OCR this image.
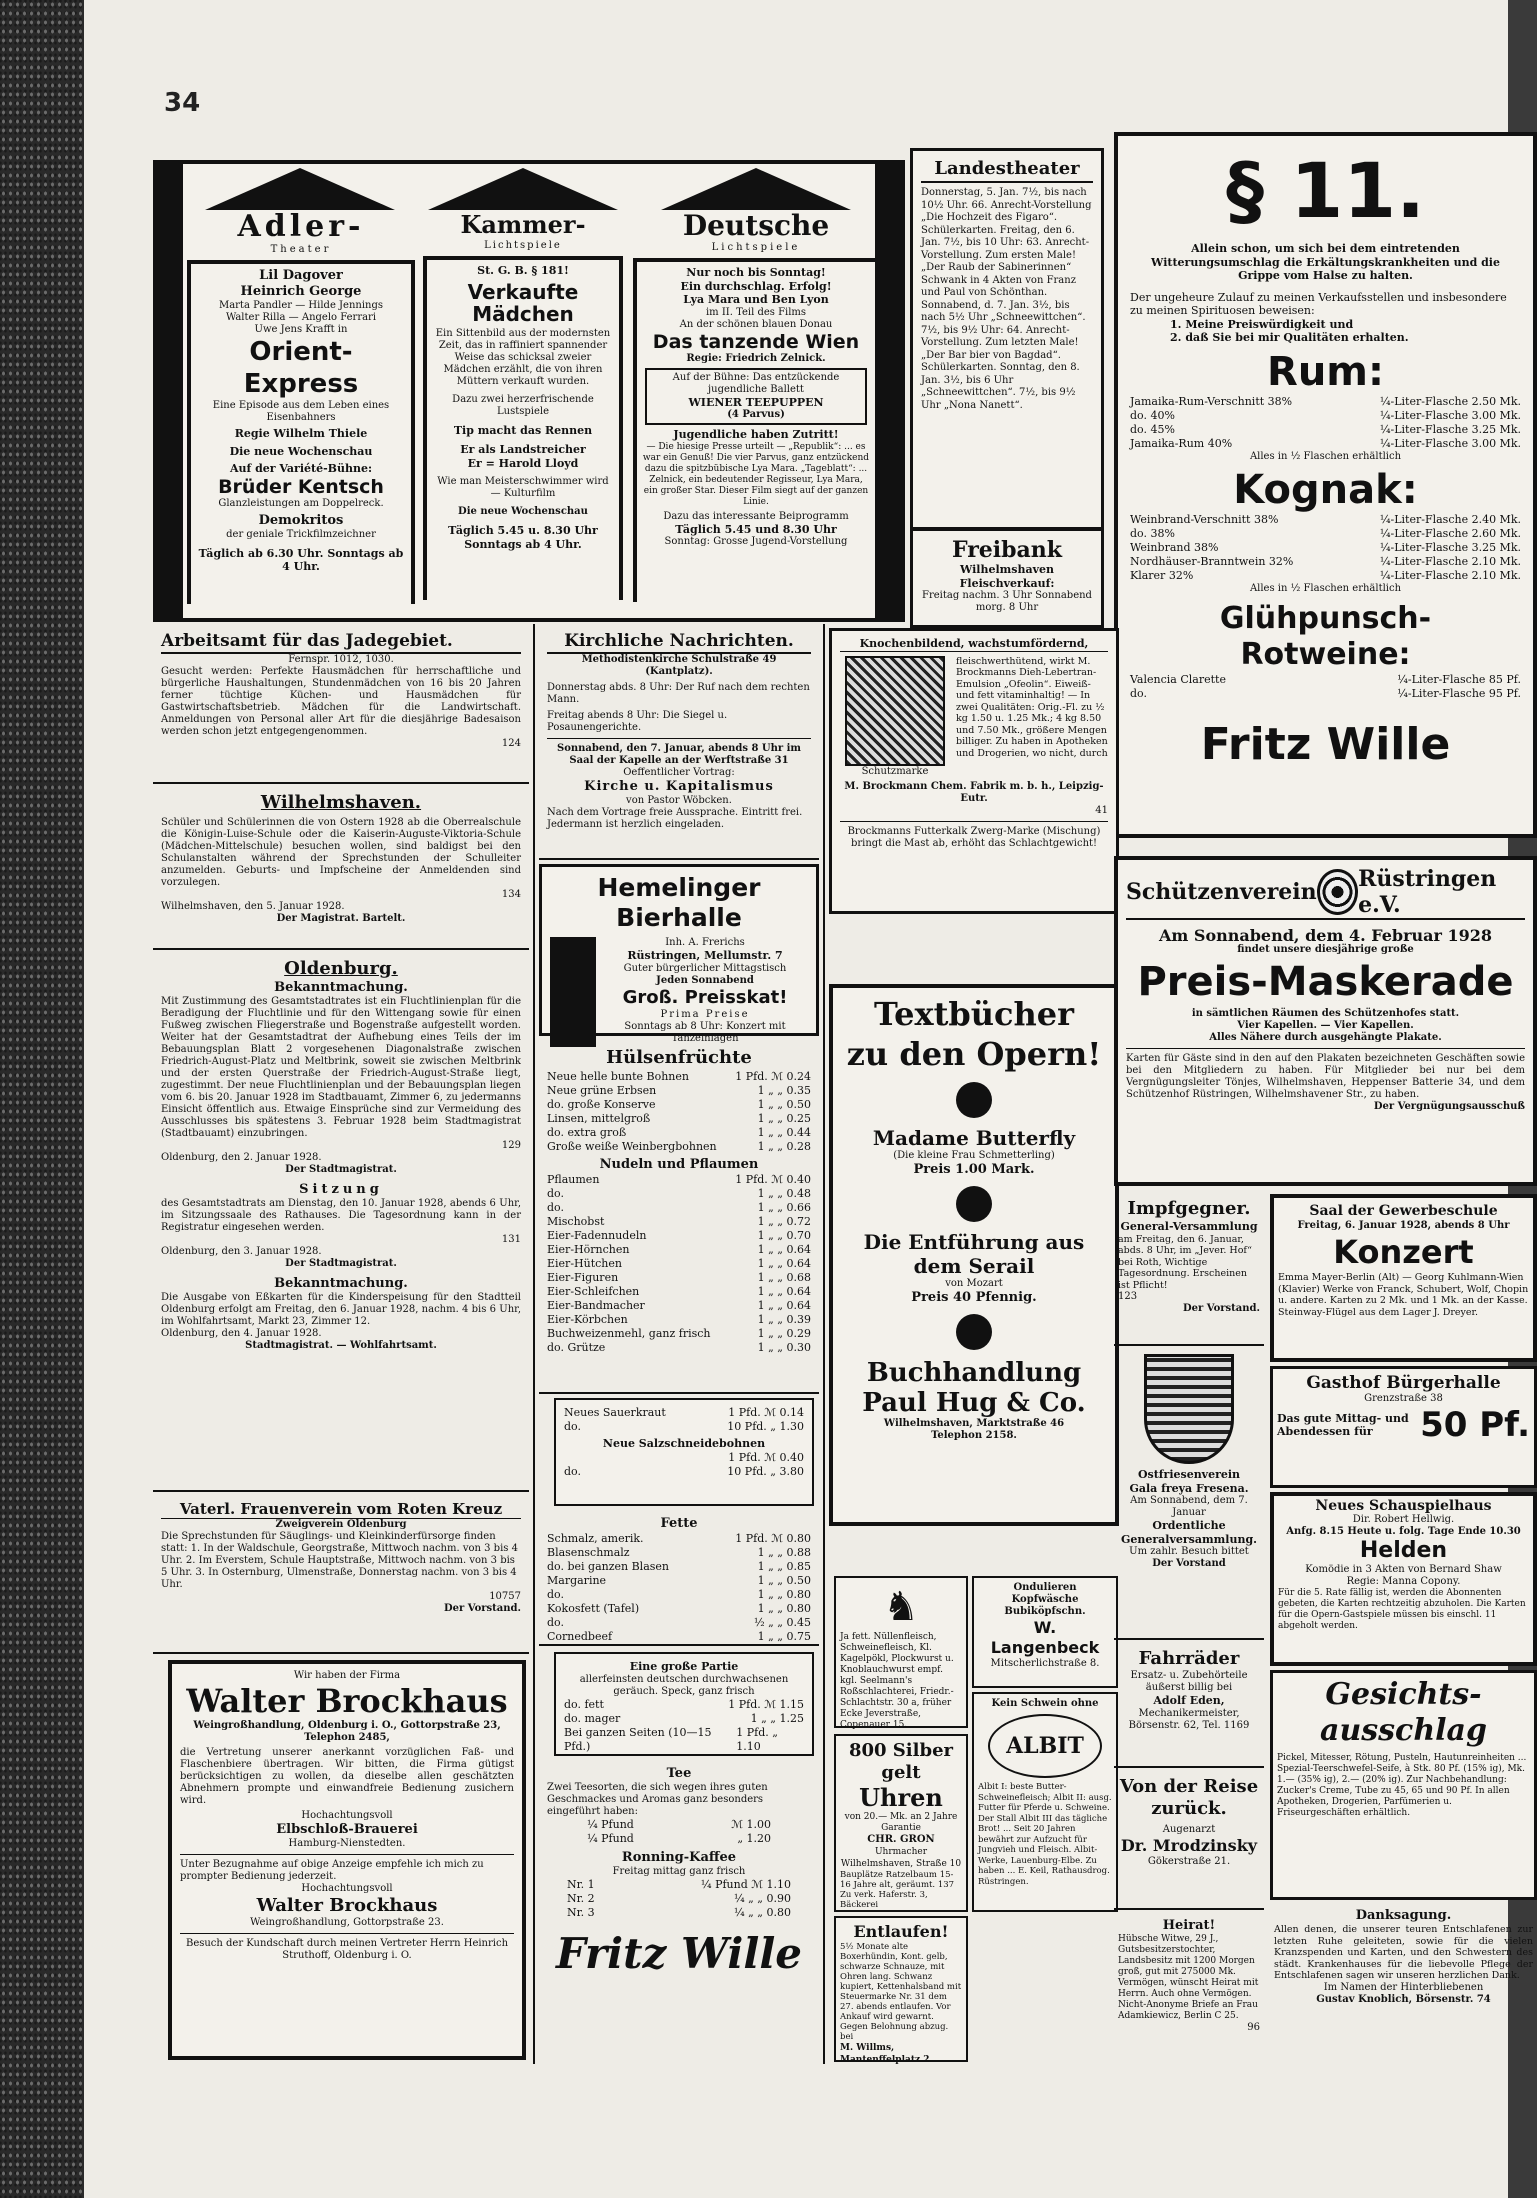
34
Adler-
Theater
Lil Dagover
Heinrich George
Marta Pandler — Hilde Jennings
Walter Rilla — Angelo Ferrari
Uwe Jens Krafft in
Orient-Express
Eine Episode aus dem Leben eines Eisenbahners
Regie Wilhelm Thiele
Die neue Wochenschau
Auf der Variété-Bühne:
Brüder Kentsch
Glanzleistungen am Doppelreck.
Demokritos
der geniale Trickfilmzeichner
Täglich ab 6.30 Uhr. Sonntags ab 4 Uhr.
Kammer-
Lichtspiele
St. G. B. § 181!
Verkaufte Mädchen
Ein Sittenbild aus der modernsten Zeit, das in raffiniert spannender Weise das schicksal zweier Mädchen erzählt, die von ihren Müttern verkauft wurden.
Dazu zwei herzerfrischende Lustspiele
Tip macht das Rennen
Er als Landstreicher
Er = Harold Lloyd
Wie man Meisterschwimmer wird — Kulturfilm
Die neue Wochenschau
Täglich 5.45 u. 8.30 Uhr Sonntags ab 4 Uhr.
Deutsche
Lichtspiele
Nur noch bis Sonntag!
Ein durchschlag. Erfolg!
Lya Mara und Ben Lyon
im II. Teil des Films
An der schönen blauen Donau
Das tanzende Wien
Regie: Friedrich Zelnick.
Auf der Bühne: Das entzückende jugendliche Ballett
WIENER TEEPUPPEN
(4 Parvus)
Jugendliche haben Zutritt!
— Die hiesige Presse urteilt — „Republik“: ... es war ein Genuß! Die vier Parvus, ganz entzückend dazu die spitzbübische Lya Mara. „Tageblatt“: ... Zelnick, ein bedeutender Regisseur, Lya Mara, ein großer Star. Dieser Film siegt auf der ganzen Linie.
Dazu das interessante Beiprogramm
Täglich 5.45 und 8.30 Uhr
Sonntag: Grosse Jugend-Vorstellung
Landestheater
Donnerstag, 5. Jan. 7½, bis nach 10½ Uhr. 66. Anrecht-Vorstellung „Die Hochzeit des Figaro“. Schülerkarten. Freitag, den 6. Jan. 7½, bis 10 Uhr: 63. Anrecht-Vorstellung. Zum ersten Male! „Der Raub der Sabinerinnen“ Schwank in 4 Akten von Franz und Paul von Schönthan. Sonnabend, d. 7. Jan. 3½, bis nach 5½ Uhr „Schneewittchen“. 7½, bis 9½ Uhr: 64. Anrecht-Vorstellung. Zum letzten Male! „Der Bar bier von Bagdad“. Schülerkarten. Sonntag, den 8. Jan. 3½, bis 6 Uhr „Schneewittchen“. 7½, bis 9½ Uhr „Nona Nanett“.
Freibank
Wilhelmshaven
Fleischverkauf:
Freitag nachm. 3 Uhr Sonnabend morg. 8 Uhr
§ 11.
Allein schon, um sich bei dem eintretenden Witterungsumschlag die Erkältungskrankheiten und die Grippe vom Halse zu halten.
Der ungeheure Zulauf zu meinen Verkaufsstellen und insbesondere zu meinen Spirituosen beweisen:
1. Meine Preiswürdigkeit und
2. daß Sie bei mir Qualitäten erhalten.
Rum:
Jamaika-Rum-Verschnitt 38%	¼-Liter-Flasche 2.50 Mk.
do. 40%	¼-Liter-Flasche 3.00 Mk.
do. 45%	¼-Liter-Flasche 3.25 Mk.
Jamaika-Rum 40%	¼-Liter-Flasche 3.00 Mk.
Alles in ½ Flaschen erhältlich
Kognak:
Weinbrand-Verschnitt 38%	¼-Liter-Flasche 2.40 Mk.
do. 38%	¼-Liter-Flasche 2.60 Mk.
Weinbrand 38%	¼-Liter-Flasche 3.25 Mk.
Nordhäuser-Branntwein 32%	¼-Liter-Flasche 2.10 Mk.
Klarer 32%	¼-Liter-Flasche 2.10 Mk.
Alles in ½ Flaschen erhältlich
Glühpunsch-Rotweine:
Valencia Clarette	¼-Liter-Flasche 85 Pf.
do.	¼-Liter-Flasche 95 Pf.
Fritz Wille
Arbeitsamt für das Jadegebiet.
Fernspr. 1012, 1030.
Gesucht werden: Perfekte Hausmädchen für herrschaftliche und bürgerliche Haushaltungen, Stundenmädchen von 16 bis 20 Jahren ferner tüchtige Küchen- und Hausmädchen für Gastwirtschaftsbetrieb. Mädchen für die Landwirtschaft. Anmeldungen von Personal aller Art für die diesjährige Badesaison werden schon jetzt entgegengenommen.
124
Wilhelmshaven.
Schüler und Schülerinnen die von Ostern 1928 ab die Oberrealschule die Königin-Luise-Schule oder die Kaiserin-Auguste-Viktoria-Schule (Mädchen-Mittelschule) besuchen wollen, sind baldigst bei den Schulanstalten während der Sprechstunden der Schulleiter anzumelden. Geburts- und Impfscheine der Anmeldenden sind vorzulegen.
134
Wilhelmshaven, den 5. Januar 1928.
Der Magistrat. Bartelt.
Oldenburg.
Bekanntmachung.
Mit Zustimmung des Gesamtstadtrates ist ein Fluchtlinienplan für die Beradigung der Fluchtlinie und für den Wittengang sowie für einen Fußweg zwischen Fliegerstraße und Bogenstraße aufgestellt worden. Weiter hat der Gesamtstadtrat der Aufhebung eines Teils der im Bebauungsplan Blatt 2 vorgesehenen Diagonalstraße zwischen Friedrich-August-Platz und Meltbrink, soweit sie zwischen Meltbrink und der ersten Querstraße der Friedrich-August-Straße liegt, zugestimmt. Der neue Fluchtlinienplan und der Bebauungsplan liegen vom 6. bis 20. Januar 1928 im Stadtbauamt, Zimmer 6, zu jedermanns Einsicht öffentlich aus. Etwaige Einsprüche sind zur Vermeidung des Ausschlusses bis spätestens 3. Februar 1928 beim Stadtmagistrat (Stadtbauamt) einzubringen.
129
Oldenburg, den 2. Januar 1928.
Der Stadtmagistrat.
Sitzung
des Gesamtstadtrats am Dienstag, den 10. Januar 1928, abends 6 Uhr, im Sitzungssaale des Rathauses. Die Tagesordnung kann in der Registratur eingesehen werden.
131
Oldenburg, den 3. Januar 1928.
Der Stadtmagistrat.
Bekanntmachung.
Die Ausgabe von Eßkarten für die Kinderspeisung für den Stadtteil Oldenburg erfolgt am Freitag, den 6. Januar 1928, nachm. 4 bis 6 Uhr, im Wohlfahrtsamt, Markt 23, Zimmer 12.
Oldenburg, den 4. Januar 1928.
Stadtmagistrat. — Wohlfahrtsamt.
Vaterl. Frauenverein vom Roten Kreuz
Zweigverein Oldenburg
Die Sprechstunden für Säuglings- und Kleinkinderfürsorge finden statt: 1. In der Waldschule, Georgstraße, Mittwoch nachm. von 3 bis 4 Uhr. 2. Im Everstem, Schule Hauptstraße, Mittwoch nachm. von 3 bis 5 Uhr. 3. In Osternburg, Ulmenstraße, Donnerstag nachm. von 3 bis 4 Uhr.
10757
Der Vorstand.
Wir haben der Firma
Walter Brockhaus
Weingroßhandlung, Oldenburg i. O., Gottorpstraße 23, Telephon 2485,
die Vertretung unserer anerkannt vorzüglichen Faß- und Flaschenbiere übertragen. Wir bitten, die Firma gütigst berücksichtigen zu wollen, da dieselbe allen geschätzten Abnehmern prompte und einwandfreie Bedienung zusichern wird.
Hochachtungsvoll
Elbschloß-Brauerei
Hamburg-Nienstedten.
Unter Bezugnahme auf obige Anzeige empfehle ich mich zu prompter Bedienung jederzeit.
Hochachtungsvoll
Walter Brockhaus
Weingroßhandlung, Gottorpstraße 23.
Besuch der Kundschaft durch meinen Vertreter Herrn Heinrich Struthoff, Oldenburg i. O.
Kirchliche Nachrichten.
Methodistenkirche Schulstraße 49 (Kantplatz).
Donnerstag abds. 8 Uhr: Der Ruf nach dem rechten Mann.
Freitag abends 8 Uhr: Die Siegel u. Posaunengerichte.
Sonnabend, den 7. Januar, abends 8 Uhr im Saal der Kapelle an der Werftstraße 31
Oeffentlicher Vortrag:
Kirche u. Kapitalismus
von Pastor Wöbcken.
Nach dem Vortrage freie Aussprache. Eintritt frei. Jedermann ist herzlich eingeladen.
Hemelinger Bierhalle
Inh. A. Frerichs
Rüstringen, Mellumstr. 7
Guter bürgerlicher Mittagstisch
Jeden Sonnabend
Groß. Preisskat!
Prima Preise
Sonntags ab 8 Uhr: Konzert mit Tanzeinlagen
Hülsenfrüchte
Neue helle bunte Bohnen	1 Pfd. ℳ 0.24
Neue grüne Erbsen	1 „ „ 0.35
do. große Konserve	1 „ „ 0.50
Linsen, mittelgroß	1 „ „ 0.25
do. extra groß	1 „ „ 0.44
Große weiße Weinbergbohnen	1 „ „ 0.28
Nudeln und Pflaumen
Pflaumen	1 Pfd. ℳ 0.40
do.	1 „ „ 0.48
do.	1 „ „ 0.66
Mischobst	1 „ „ 0.72
Eier-Fadennudeln	1 „ „ 0.70
Eier-Hörnchen	1 „ „ 0.64
Eier-Hütchen	1 „ „ 0.64
Eier-Figuren	1 „ „ 0.68
Eier-Schleifchen	1 „ „ 0.64
Eier-Bandmacher	1 „ „ 0.64
Eier-Körbchen	1 „ „ 0.39
Buchweizenmehl, ganz frisch	1 „ „ 0.29
do. Grütze	1 „ „ 0.30
Neues Sauerkraut	1 Pfd. ℳ 0.14
do.	10 Pfd. „ 1.30
Neue Salzschneidebohnen
1 Pfd. ℳ 0.40
do.	10 Pfd. „ 3.80
Fette
Schmalz, amerik.	1 Pfd. ℳ 0.80
Blasenschmalz	1 „ „ 0.88
do. bei ganzen Blasen	1 „ „ 0.85
Margarine	1 „ „ 0.50
do.	1 „ „ 0.80
Kokosfett (Tafel)	1 „ „ 0.80
do.	½ „ „ 0.45
Cornedbeef	1 „ „ 0.75
Eine große Partie
allerfeinsten deutschen durchwachsenen geräuch. Speck, ganz frisch
do. fett	1 Pfd. ℳ 1.15
do. mager	1 „ „ 1.25
Bei ganzen Seiten (10—15 Pfd.)
1 Pfd. „ 1.10
Tee
Zwei Teesorten, die sich wegen ihres guten Geschmackes und Aromas ganz besonders eingeführt haben:
¼ Pfund	ℳ 1.00
¼ Pfund	„ 1.20
Ronning-Kaffee
Freitag mittag ganz frisch
Nr. 1	¼ Pfund ℳ 1.10
Nr. 2	¼ „ „ 0.90
Nr. 3	¼ „ „ 0.80
Fritz Wille
Knochenbildend, wachstumfördernd,
Schutzmarke
fleischwerthütend, wirkt M. Brockmanns Dieh-Lebertran-Emulsion „Ofeolin“. Eiweiß- und fett vitaminhaltig! — In zwei Qualitäten: Orig.-Fl. zu ½ kg 1.50 u. 1.25 Mk.; 4 kg 8.50 und 7.50 Mk., größere Mengen billiger. Zu haben in Apotheken und Drogerien, wo nicht, durch
M. Brockmann Chem. Fabrik m. b. h., Leipzig-Eutr.
41
Brockmanns Futterkalk Zwerg-Marke (Mischung) bringt die Mast ab, erhöht das Schlachtgewicht!
Textbücher
zu den Opern!
Madame Butterfly
(Die kleine Frau Schmetterling)
Preis 1.00 Mark.
Die Entführung aus dem Serail
von Mozart
Preis 40 Pfennig.
Buchhandlung
Paul Hug & Co.
Wilhelmshaven, Marktstraße 46
Telephon 2158.
♞
Ja fett. Nüllenfleisch, Schweinefleisch, Kl. Kagelpökl, Plockwurst u. Knoblauchwurst empf. kgl. Seelmann's Roßschlachterei, Friedr.-Schlachtstr. 30 a, früher Ecke Jeverstraße, Copenauer 15.
Ondulieren
Kopfwäsche
Bubiköpfschn.
W. Langenbeck
Mitscherlichstraße 8.
800 Silber gelt
Uhren
von 20.— Mk. an 2 Jahre Garantie
CHR. GRON
Uhrmacher
Wilhelmshaven, Straße 10
Bauplätze Ratzelbaum 15-16 Jahre alt, geräumt. 137 Zu verk. Haferstr. 3, Bäckerei
Kein Schwein ohne
ALBIT
Albit I: beste Butter-Schweinefleisch; Albit II: ausg. Futter für Pferde u. Schweine. Der Stall Albit III das tägliche Brot! ... Seit 20 Jahren bewährt zur Aufzucht für Jungvieh und Fleisch. Albit-Werke, Lauenburg-Elbe. Zu haben ... E. Keil, Rathausdrog. Rüstringen.
Entlaufen!
5½ Monate alte Boxerhündin, Kont. gelb, schwarze Schnauze, mit Ohren lang. Schwanz kupiert, Kettenhalsband mit Steuermarke Nr. 31 dem 27. abends entlaufen. Vor Ankauf wird gewarnt. Gegen Belohnung abzug. bei
M. Willms, Mantenffelplatz 2
Schützenverein Rüstringen e.V.
Am Sonnabend, dem 4. Februar 1928
findet unsere diesjährige große
Preis-Maskerade
in sämtlichen Räumen des Schützenhofes statt.
Vier Kapellen. — Vier Kapellen.
Alles Nähere durch ausgehängte Plakate.
Karten für Gäste sind in den auf den Plakaten bezeichneten Geschäften sowie bei den Mitgliedern zu haben. Für Mitglieder bei nur bei dem Vergnügungsleiter Tönjes, Wilhelmshaven, Heppenser Batterie 34, und dem Schützenhof Rüstringen, Wilhelmshavener Str., zu haben.
Der Vergnügungsausschuß
Impfgegner.
General-Versammlung
am Freitag, den 6. Januar, abds. 8 Uhr, im „Jever. Hof“ bei Roth, Wichtige Tagesordnung. Erscheinen ist Pflicht!
123
Der Vorstand.
Ostfriesenverein
Gala freya Fresena.
Am Sonnabend, dem 7. Januar
Ordentliche Generalversammlung.
Um zahlr. Besuch bittet
Der Vorstand
Fahrräder
Ersatz- u. Zubehörteile äußerst billig bei
Adolf Eden,
Mechanikermeister,
Börsenstr. 62, Tel. 1169
Von der Reise zurück.
Augenarzt
Dr. Mrodzinsky
Gökerstraße 21.
Heirat!
Hübsche Witwe, 29 J., Gutsbesitzerstochter, Landsbesitz mit 1200 Morgen groß, gut mit 275000 Mk. Vermögen, wünscht Heirat mit Herrn. Auch ohne Vermögen. Nicht-Anonyme Briefe an Frau Adamkiewicz, Berlin C 25.
96
Saal der Gewerbeschule
Freitag, 6. Januar 1928, abends 8 Uhr
Konzert
Emma Mayer-Berlin (Alt) — Georg Kuhlmann-Wien (Klavier) Werke von Franck, Schubert, Wolf, Chopin u. andere. Karten zu 2 Mk. und 1 Mk. an der Kasse. Steinway-Flügel aus dem Lager J. Dreyer.
Gasthof Bürgerhalle
Grenzstraße 38
Das gute Mittag- und Abendessen für	50 Pf.
Neues Schauspielhaus
Dir. Robert Hellwig.
Anfg. 8.15 Heute u. folg. Tage Ende 10.30
Helden
Komödie in 3 Akten von Bernard Shaw
Regie: Manna Copony.
Für die 5. Rate fällig ist, werden die Abonnenten gebeten, die Karten rechtzeitig abzuholen. Die Karten für die Opern-Gastspiele müssen bis einschl. 11 abgeholt werden.
Gesichts-ausschlag
Pickel, Mitesser, Rötung, Pusteln, Hautunreinheiten ... Spezial-Teerschwefel-Seife, à Stk. 80 Pf. (15% ig), Mk. 1.— (35% ig), 2.— (20% ig). Zur Nachbehandlung: Zucker's Creme, Tube zu 45, 65 und 90 Pf. In allen Apotheken, Drogerien, Parfümerien u. Friseurgeschäften erhältlich.
Danksagung.
Allen denen, die unserer teuren Entschlafenen zur letzten Ruhe geleiteten, sowie für die vielen Kranzspenden und Karten, und den Schwestern des städt. Krankenhauses für die liebevolle Pflege der Entschlafenen sagen wir unseren herzlichen Dank.
Im Namen der Hinterbliebenen
Gustav Knoblich, Börsenstr. 74
